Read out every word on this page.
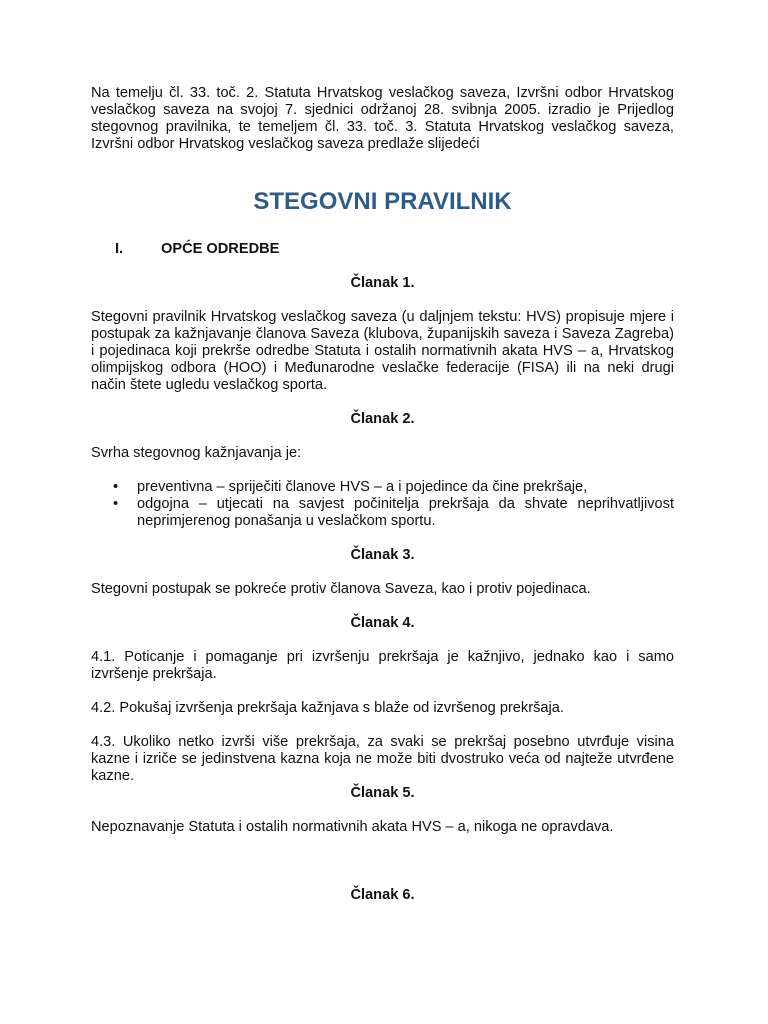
Na temelju čl. 33. toč. 2. Statuta Hrvatskog veslačkog saveza, Izvršni odbor Hrvatskog veslačkog saveza na svojoj 7. sjednici održanoj 28. svibnja 2005. izradio je Prijedlog stegovnog pravilnika, te temeljem čl. 33. toč. 3. Statuta Hrvatskog veslačkog saveza, Izvršni odbor Hrvatskog veslačkog saveza predlaže slijedeći

STEGOVNI PRAVILNIK
I.	OPĆE ODREDBE

Članak 1.

Stegovni pravilnik Hrvatskog veslačkog saveza (u daljnjem tekstu: HVS) propisuje mjere i postupak za kažnjavanje članova Saveza (klubova, županijskih saveza i Saveza Zagreba) i pojedinaca koji prekrše odredbe Statuta i ostalih normativnih akata HVS – a, Hrvatskog olimpijskog odbora (HOO) i Međunarodne veslačke federacije (FISA) ili na neki drugi način štete ugledu veslačkog sporta.

Članak 2.

Svrha stegovnog kažnjavanja je:

• preventivna – spriječiti članove HVS – a i pojedince da čine prekršaje,
• odgojna – utjecati na savjest počinitelja prekršaja da shvate neprihvatljivost neprimjerenog ponašanja u veslačkom sportu.

Članak 3.

Stegovni postupak se pokreće protiv članova Saveza, kao i protiv pojedinaca.

Članak 4.

4.1. Poticanje i pomaganje pri izvršenju prekršaja je kažnjivo, jednako kao i samo izvršenje prekršaja.

4.2. Pokušaj izvršenja prekršaja kažnjava s blaže od izvršenog prekršaja.

4.3. Ukoliko netko izvrši više prekršaja, za svaki se prekršaj posebno utvrđuje visina kazne i izriče se jedinstvena kazna koja ne može biti dvostruko veća od najteže utvrđene kazne.

Članak 5.

Nepoznavanje Statuta i ostalih normativnih akata HVS – a, nikoga ne opravdava.

Članak 6.
